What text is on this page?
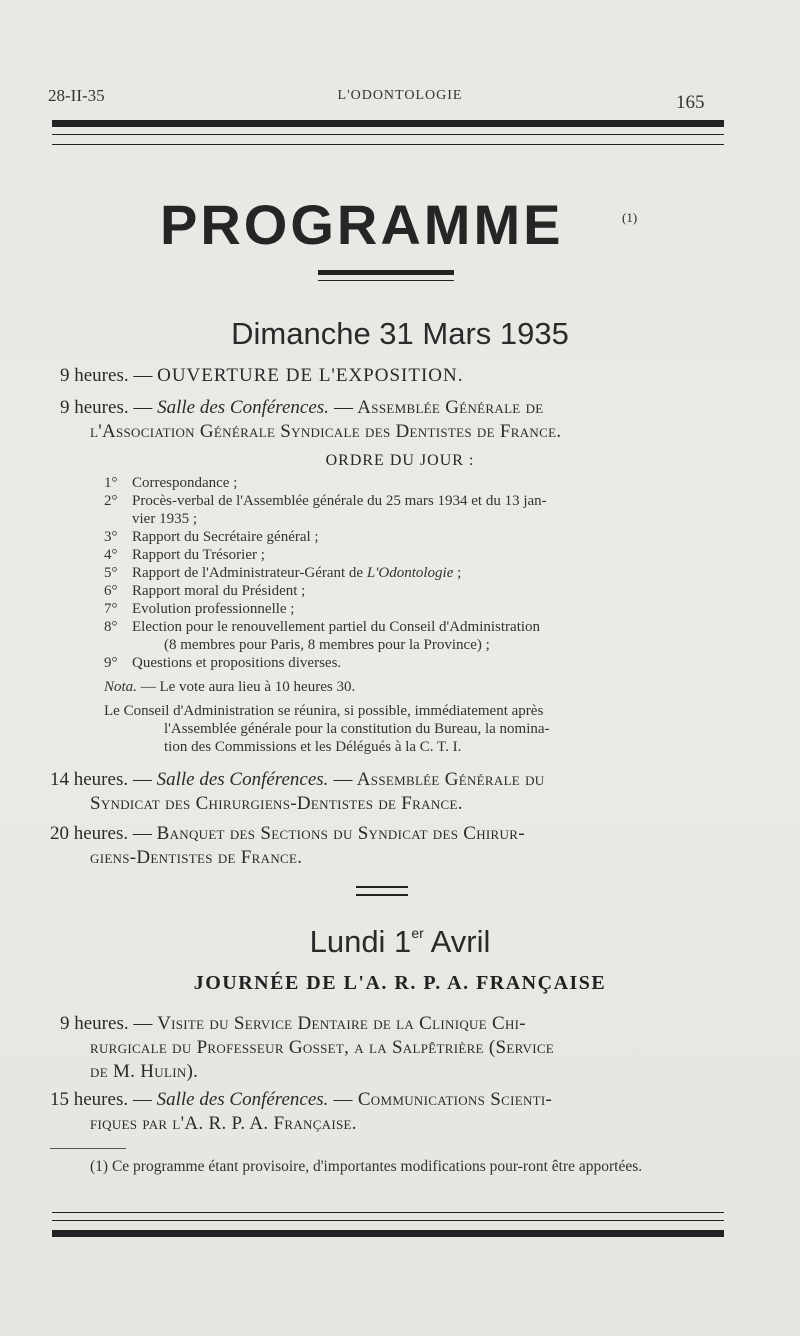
28-II-35	L'ODONTOLOGIE	165
PROGRAMME	(1)
Dimanche 31 Mars 1935
9 heures. — OUVERTURE DE L'EXPOSITION.
9 heures. — Salle des Conférences. — Assemblée Générale de
l'Association Générale Syndicale des Dentistes de France.
ORDRE DU JOUR :
1° Correspondance ;
2° Procès-verbal de l'Assemblée générale du 25 mars 1934 et du 13 jan-
vier 1935 ;
3° Rapport du Secrétaire général ;
4° Rapport du Trésorier ;
5° Rapport de l'Administrateur-Gérant de L'Odontologie ;
6° Rapport moral du Président ;
7° Evolution professionnelle ;
8° Election pour le renouvellement partiel du Conseil d'Administration
(8 membres pour Paris, 8 membres pour la Province) ;
9° Questions et propositions diverses.
Nota. — Le vote aura lieu à 10 heures 30.
Le Conseil d'Administration se réunira, si possible, immédiatement après
l'Assemblée générale pour la constitution du Bureau, la nomina-
tion des Commissions et les Délégués à la C. T. I.
14 heures. — Salle des Conférences. — Assemblée Générale du
Syndicat des Chirurgiens-Dentistes de France.
20 heures. — Banquet des Sections du Syndicat des Chirur-
giens-Dentistes de France.
Lundi 1er Avril
JOURNÉE DE L'A. R. P. A. FRANÇAISE
9 heures. — Visite du Service Dentaire de la Clinique Chi-
rurgicale du Professeur Gosset, a la Salpêtrière (Service
de M. Hulin).
15 heures. — Salle des Conférences. — Communications Scienti-
fiques par l'A. R. P. A. Française.
(1) Ce programme étant provisoire, d'importantes modifications pour-ront être apportées.
